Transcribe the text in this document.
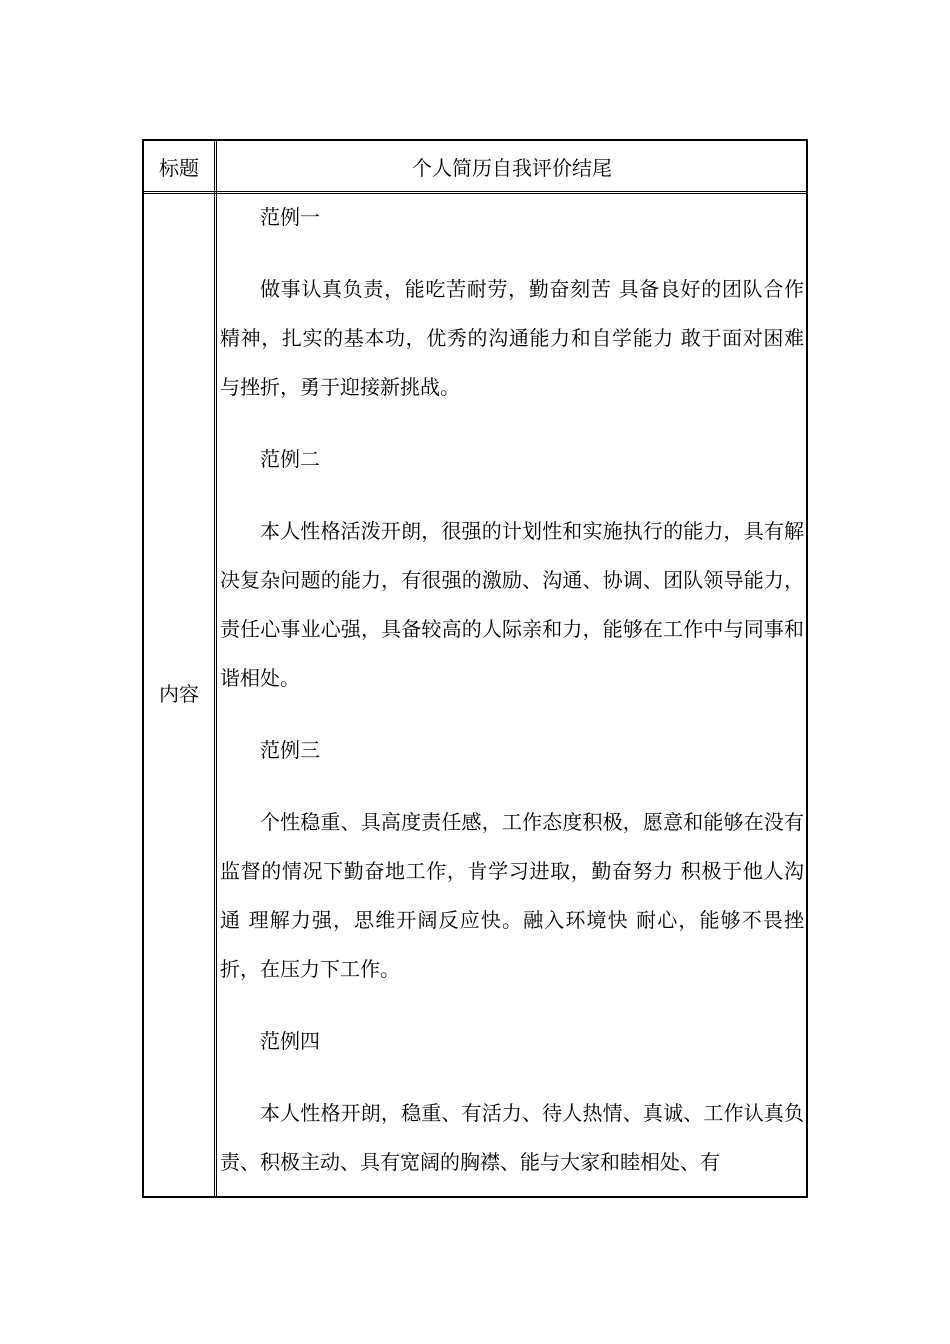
标题	个人简历自我评价结尾
内容

范例一

做事认真负责，能吃苦耐劳，勤奋刻苦 具备良好的团队合作精神，扎实的基本功，优秀的沟通能力和自学能力 敢于面对困难与挫折，勇于迎接新挑战。

范例二

本人性格活泼开朗，很强的计划性和实施执行的能力，具有解决复杂问题的能力，有很强的激励、沟通、协调、团队领导能力，责任心事业心强，具备较高的人际亲和力，能够在工作中与同事和谐相处。

范例三

个性稳重、具高度责任感，工作态度积极，愿意和能够在没有监督的情况下勤奋地工作，肯学习进取，勤奋努力 积极于他人沟通 理解力强，思维开阔反应快。融入环境快 耐心，能够不畏挫折，在压力下工作。

范例四

本人性格开朗，稳重、有活力、待人热情、真诚、工作认真负责、积极主动、具有宽阔的胸襟、能与大家和睦相处、有
